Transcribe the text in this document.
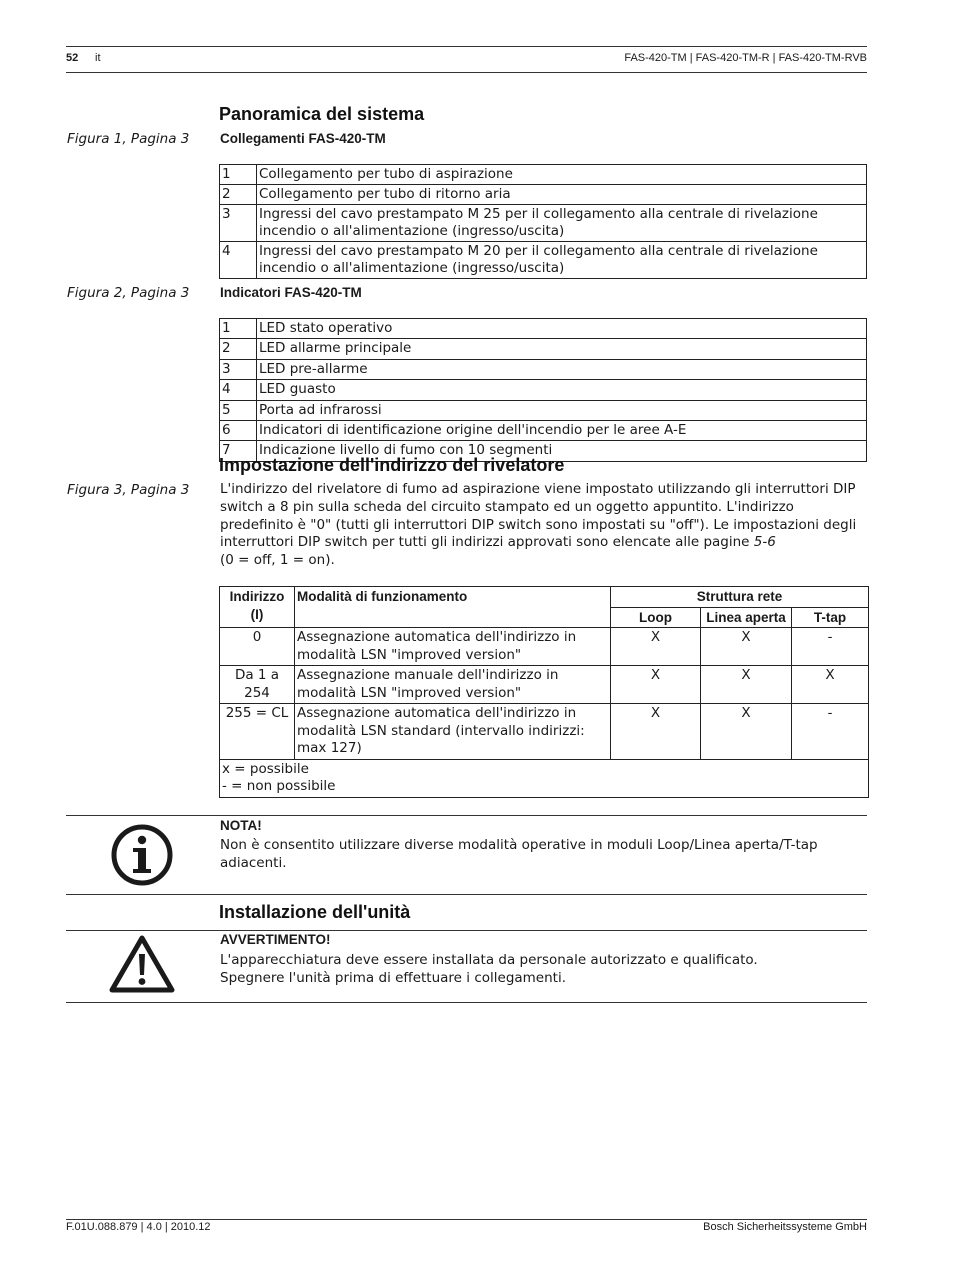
52 it	FAS-420-TM | FAS-420-TM-R | FAS-420-TM-RVB
Panoramica del sistema
Figura 1, Pagina 3 Collegamenti FAS-420-TM
1	Collegamento per tubo di aspirazione
2	Collegamento per tubo di ritorno aria
3	Ingressi del cavo prestampato M 25 per il collegamento alla centrale di rivelazione incendio o all'alimentazione (ingresso/uscita)
4	Ingressi del cavo prestampato M 20 per il collegamento alla centrale di rivelazione incendio o all'alimentazione (ingresso/uscita)
Figura 2, Pagina 3 Indicatori FAS-420-TM
1	LED stato operativo
2	LED allarme principale
3	LED pre-allarme
4	LED guasto
5	Porta ad infrarossi
6	Indicatori di identificazione origine dell'incendio per le aree A-E
7	Indicazione livello di fumo con 10 segmenti
Impostazione dell'indirizzo del rivelatore
Figura 3, Pagina 3 L'indirizzo del rivelatore di fumo ad aspirazione viene impostato utilizzando gli interruttori DIP switch a 8 pin sulla scheda del circuito stampato ed un oggetto appuntito. L'indirizzo predefinito è "0" (tutti gli interruttori DIP switch sono impostati su "off"). Le impostazioni degli interruttori DIP switch per tutti gli indirizzi approvati sono elencate alle pagine 5-6
(0 = off, 1 = on).
Indirizzo (I)	Modalità di funzionamento	Struttura rete		
		Loop	Linea aperta	T-tap
0	Assegnazione automatica dell'indirizzo in modalità LSN "improved version"	X	X	-
Da 1 a 254	Assegnazione manuale dell'indirizzo in modalità LSN "improved version"	X	X	X
255 = CL	Assegnazione automatica dell'indirizzo in modalità LSN standard (intervallo indirizzi: max 127)	X	X	-

x = possibile
- = non possibile				
NOTA!
Non è consentito utilizzare diverse modalità operative in moduli Loop/Linea aperta/T-tap adiacenti.
Installazione dell'unità
AVVERTIMENTO!
L'apparecchiatura deve essere installata da personale autorizzato e qualificato.
Spegnere l'unità prima di effettuare i collegamenti.
F.01U.088.879 | 4.0 | 2010.12	Bosch Sicherheitssysteme GmbH
